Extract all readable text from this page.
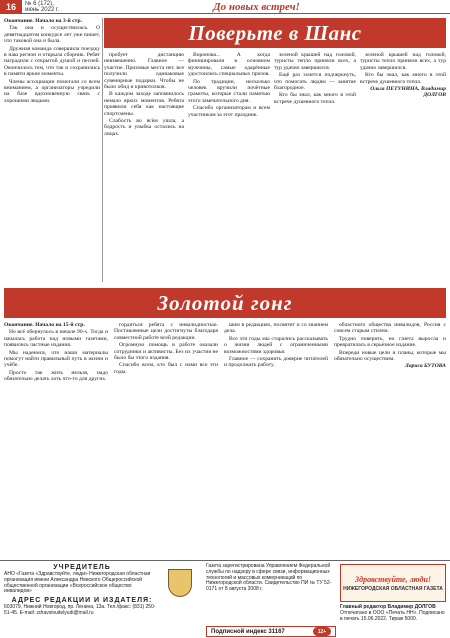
16	№ 6 (172), июнь 2022 г.	До новых встреч!
Поверьте в Шанс

Окончание. Начало на 3-й стр.

Так она и осуществилась. О девятнадцатом конкурсе лет уже пишет, что таковой она и была.

Дружная команда совершила поездку в наш регион и открыла сборник. Ребят наградили с открытой душой и песней. Окончилось тем, что так и сохранились в памяти яркие моменты.

Члены ассоциации помогали со всем вниманием, а организаторы учредили на базе вдохновенную связь с хорошими людьми.

пробует дистанцию невзвешенно. Главное — участие. Призовые места нет, все получили одинаковые сувенирные подарки. Чтобы не было обид и кривотолков.

В каждом заходе запомнилось немало ярких моментов. Ребята проявили себя как настоящие спортсмены.

Слабость во всём ушла, а бодрость и улыбка остались на лицах.

Воронова... А когда финишировали в основном мужчины, самые одарённые удостоились специальных призов.

По традиции, несколько человек вручили почётные грамоты, которые стали памятью этого замечательного дня.

Спасибо организаторам и всем участникам за этот праздник.

зеленой крышей над головой, туристы тепло приняли всех, а тур удачно завершился.

Ещё раз хочется подчеркнуть, что помогать людям — занятие благородное.

Кто бы знал, как много в этой встрече душевного тепла.

зеленой крышей над головой, туристы тепло приняли всех, а тур удачно завершился.

Кто бы знал, как много в этой встрече душевного тепла.

Ольга ПЕТУНИНА, Владимир ДОЛГОВ

Золотой гонг

Окончание. Начало на 15-й стр.

Но всё обернулось в начале 90-х. Тогда и началась работа над новыми газетами, появились частные издания.

Мы надеемся, что наши материалы помогут найти правильный путь в жизни и учёбе.

Просто так жить нельзя, надо обязательно делать хоть что-то для других.

гордиться ребята с инвалидностью. Поставленные цели достигнуты благодаря совместной работе всей редакции.

Огромную помощь в работе оказали сотрудники и активисты. Без их участия не было бы этого издания.

Спасибо всем, кто был с нами все эти годы.

шим в редакциях, посвятит и со знанием дела.

Все эти годы мы старались рассказывать о жизни людей с ограниченными возможностями здоровья.

Главное — сохранить доверие читателей и продолжать работу.

областного общества инвалидов, Россия с совсем старым стилем.

Трудно поверить, но газета выросла и превратилась в серьёзное издание.

Впереди новые цели и планы, которые мы обязательно осуществим.

Лариса БУТОВА

УЧРЕДИТЕЛЬ
АНО «Газета «Здравствуйте, люди» Нижегородская областная организация имени Александра Невского Общероссийской общественной организации «Всероссийское общество инвалидов»
АДРЕС РЕДАКЦИИ И ИЗДАТЕЛЯ:
603079, Нижний Новгород, пр. Ленина, 13а. Тел./факс: (831) 250-51-45. E-mail: zdravstvuitelyudi@mail.ru
Газета зарегистрирована Управлением Федеральной службы по надзору в сфере связи, информационных технологий и массовых коммуникаций по Нижегородской области. Свидетельство ПИ № ТУ 52-0171 от 8 августа 2008 г.
Подписной индекс 31167	12+
Здравствуйте, люди!
НИЖЕГОРОДСКАЯ ОБЛАСТНАЯ ГАЗЕТА
Главный редактор Владимир ДОЛГОВ
Отпечатано в ООО «Печать НН». Подписано в печать 15.06.2022. Тираж 5000.
